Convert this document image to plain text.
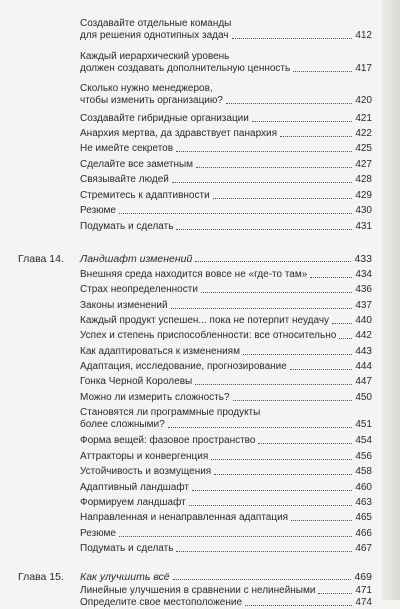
Создавайте отдельные команды
для решения однотипных задач	412
Каждый иерархический уровень
должен создавать дополнительную ценность	417
Сколько нужно менеджеров,
чтобы изменить организацию?	420
Создавайте гибридные организации	421
Анархия мертва, да здравствует панархия	422
Не имейте секретов	425
Сделайте все заметным	427
Связывайте людей	428
Стремитесь к адаптивности	429
Резюме	430
Подумать и сделать	431
Глава 14. Ландшафт изменений	433
Внешняя среда находится вовсе не «где-то там»	434
Страх неопределенности	436
Законы изменений	437
Каждый продукт успешен... пока не потерпит неудачу	440
Успех и степень приспособленности: все относительно 442
Как адаптироваться к изменениям	443
Адаптация, исследование, прогнозирование	444
Гонка Черной Королевы	447
Можно ли измерить сложность?	450
Становятся ли программные продукты
более сложными?	451
Форма вещей: фазовое пространство	454
Аттракторы и конвергенция	456
Устойчивость и возмущения	458
Адаптивный ландшафт	460
Формируем ландшафт	463
Направленная и ненаправленная адаптация	465
Резюме	466
Подумать и сделать	467
Глава 15. Как улучшить всё	469
Линейные улучшения в сравнении с нелинейными	471
Определите свое местоположение	474
